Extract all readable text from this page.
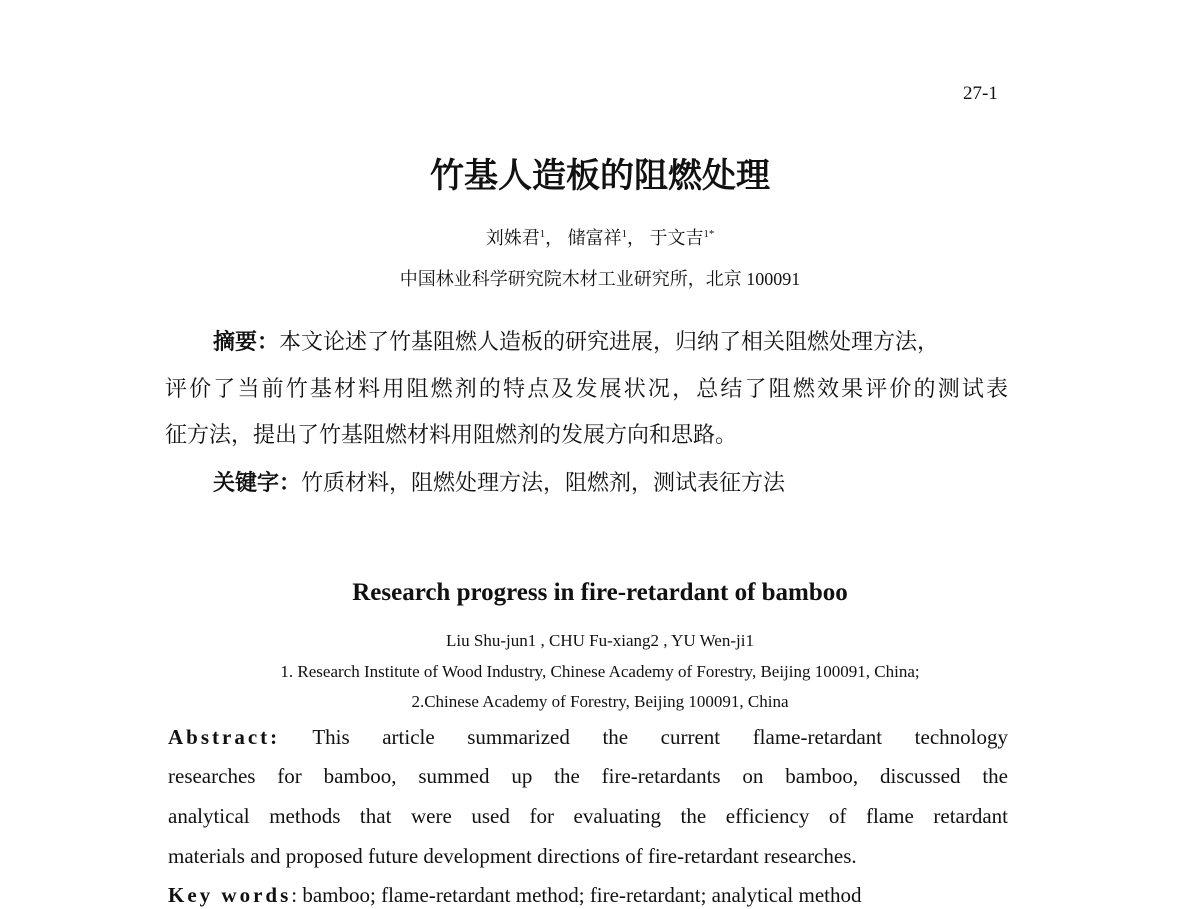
27-1
竹基人造板的阻燃处理
刘姝君$^1$， 储富祥$^1$， 于文吉$^{1*}$
中国林业科学研究院木材工业研究所，北京 100091
摘要：本文论述了竹基阻燃人造板的研究进展，归纳了相关阻燃处理方法，
评价了当前竹基材料用阻燃剂的特点及发展状况，总结了阻燃效果评价的测试表
征方法，提出了竹基阻燃材料用阻燃剂的发展方向和思路。
关键字：竹质材料，阻燃处理方法，阻燃剂，测试表征方法
Research progress in fire-retardant of bamboo
Liu Shu-jun1 , CHU Fu-xiang2 , YU Wen-ji1
1. Research Institute of Wood Industry, Chinese Academy of Forestry, Beijing 100091, China;
2.Chinese Academy of Forestry, Beijing 100091, China
Abstract: This article summarized the current flame-retardant technology
researches for bamboo, summed up the fire-retardants on bamboo, discussed the
analytical methods that were used for evaluating the efficiency of flame retardant
materials and proposed future development directions of fire-retardant researches.
Key words: bamboo; flame-retardant method; fire-retardant; analytical method
